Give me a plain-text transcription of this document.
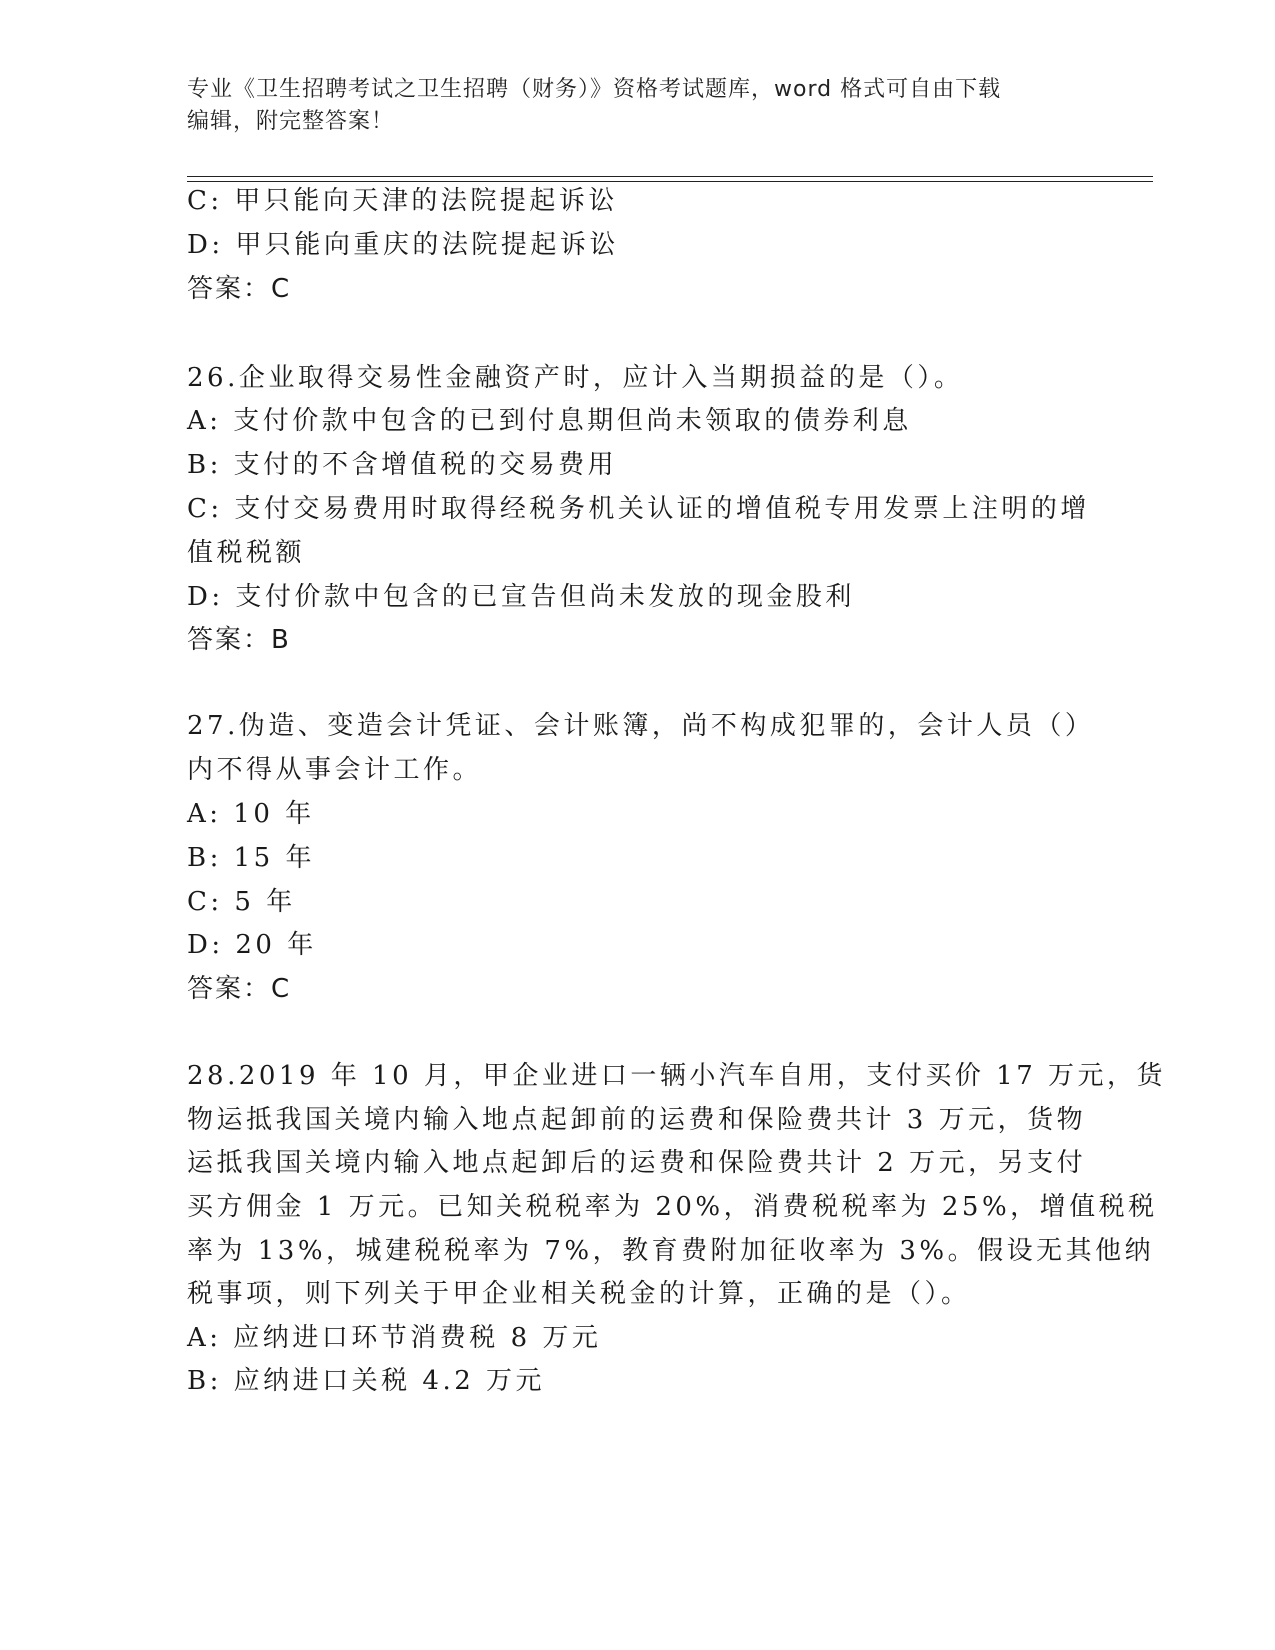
专业《卫生招聘考试之卫生招聘（财务）》资格考试题库，word 格式可自由下载
编辑，附完整答案！
C: 甲只能向天津的法院提起诉讼
D: 甲只能向重庆的法院提起诉讼
答案：C
26.企业取得交易性金融资产时，应计入当期损益的是（）。
A: 支付价款中包含的已到付息期但尚未领取的债券利息
B: 支付的不含增值税的交易费用
C: 支付交易费用时取得经税务机关认证的增值税专用发票上注明的增
值税税额
D: 支付价款中包含的已宣告但尚未发放的现金股利
答案：B
27.伪造、变造会计凭证、会计账簿，尚不构成犯罪的，会计人员（）
内不得从事会计工作。
A: 10 年
B: 15 年
C: 5 年
D: 20 年
答案：C
28.2019 年 10 月，甲企业进口一辆小汽车自用，支付买价 17 万元，货
物运抵我国关境内输入地点起卸前的运费和保险费共计 3 万元，货物
运抵我国关境内输入地点起卸后的运费和保险费共计 2 万元，另支付
买方佣金 1 万元。已知关税税率为 20%，消费税税率为 25%，增值税税
率为 13%，城建税税率为 7%，教育费附加征收率为 3%。假设无其他纳
税事项，则下列关于甲企业相关税金的计算，正确的是（）。
A: 应纳进口环节消费税 8 万元
B: 应纳进口关税 4.2 万元
